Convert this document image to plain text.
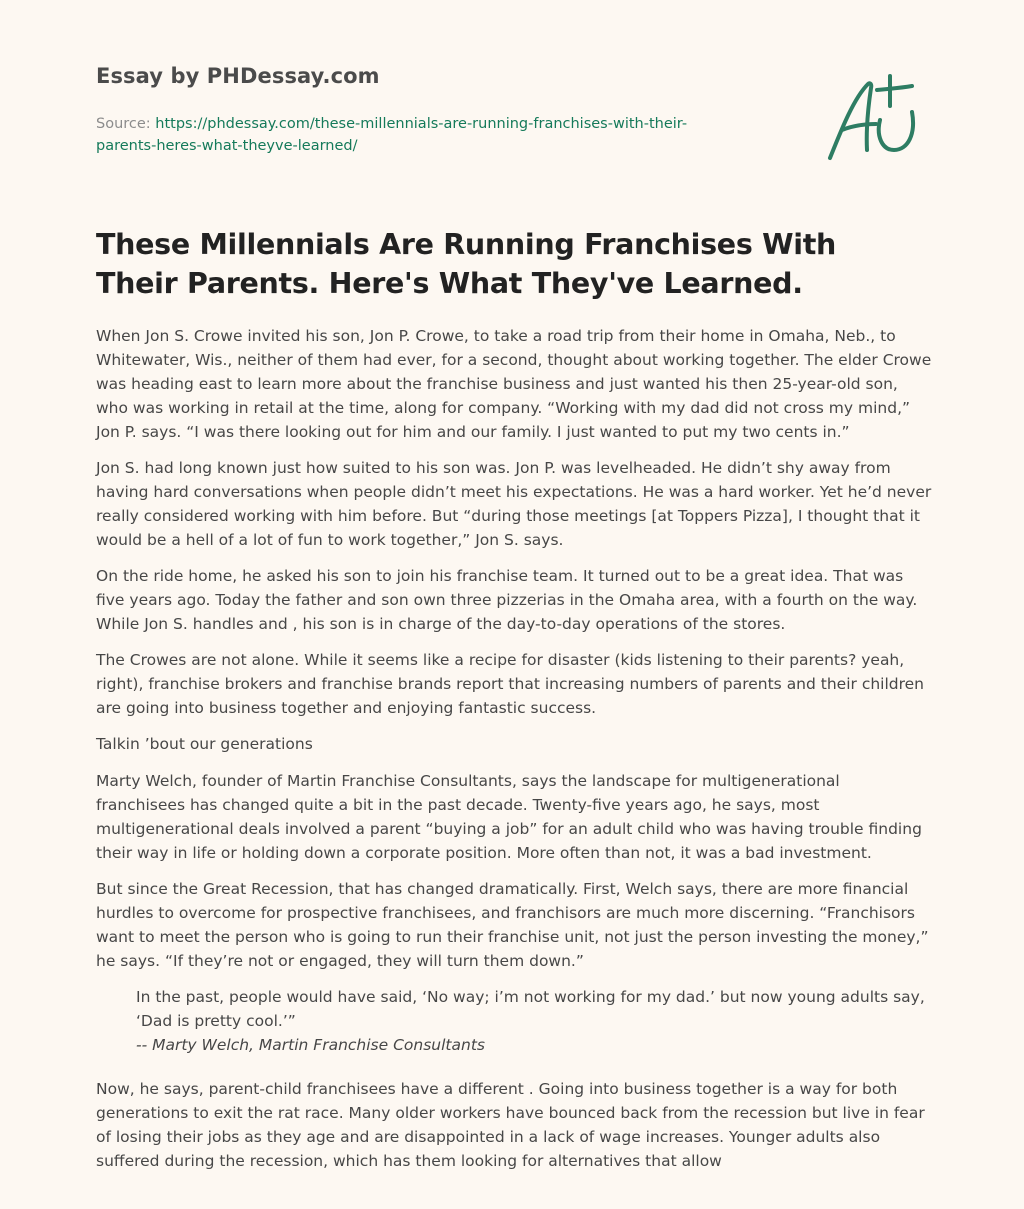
Essay by PHDessay.com
Source: https://phdessay.com/these-millennials-are-running-franchises-with-their-parents-heres-what-theyve-learned/
These Millennials Are Running Franchises With Their Parents. Here's What They've Learned.

When Jon S. Crowe invited his son, Jon P. Crowe, to take a road trip from their home in Omaha, Neb., to Whitewater, Wis., neither of them had ever, for a second, thought about working together. The elder Crowe was heading east to learn more about the franchise business and just wanted his then 25-year-old son, who was working in retail at the time, along for company. “Working with my dad did not cross my mind,” Jon P. says. “I was there looking out for him and our family. I just wanted to put my two cents in.”

Jon S. had long known just how suited to his son was. Jon P. was levelheaded. He didn’t shy away from having hard conversations when people didn’t meet his expectations. He was a hard worker. Yet he’d never really considered working with him before. But “during those meetings [at Toppers Pizza], I thought that it would be a hell of a lot of fun to work together,” Jon S. says.

On the ride home, he asked his son to join his franchise team. It turned out to be a great idea. That was five years ago. Today the father and son own three pizzerias in the Omaha area, with a fourth on the way. While Jon S. handles and , his son is in charge of the day-to-day operations of the stores.

The Crowes are not alone. While it seems like a recipe for disaster (kids listening to their parents? yeah, right), franchise brokers and franchise brands report that increasing numbers of parents and their children are going into business together and enjoying fantastic success.

Talkin ’bout our generations

Marty Welch, founder of Martin Franchise Consultants, says the landscape for multigenerational franchisees has changed quite a bit in the past decade. Twenty-five years ago, he says, most multigenerational deals involved a parent “buying a job” for an adult child who was having trouble finding their way in life or holding down a corporate position. More often than not, it was a bad investment.

But since the Great Recession, that has changed dramatically. First, Welch says, there are more financial hurdles to overcome for prospective franchisees, and franchisors are much more discerning. “Franchisors want to meet the person who is going to run their franchise unit, not just the person investing the money,” he says. “If they’re not or engaged, they will turn them down.”

In the past, people would have said, ‘No way; i’m not working for my dad.’ but now young adults say, ‘Dad is pretty cool.’”
-- Marty Welch, Martin Franchise Consultants

Now, he says, parent-child franchisees have a different . Going into business together is a way for both generations to exit the rat race. Many older workers have bounced back from the recession but live in fear of losing their jobs as they age and are disappointed in a lack of wage increases. Younger adults also suffered during the recession, which has them looking for alternatives that allow
